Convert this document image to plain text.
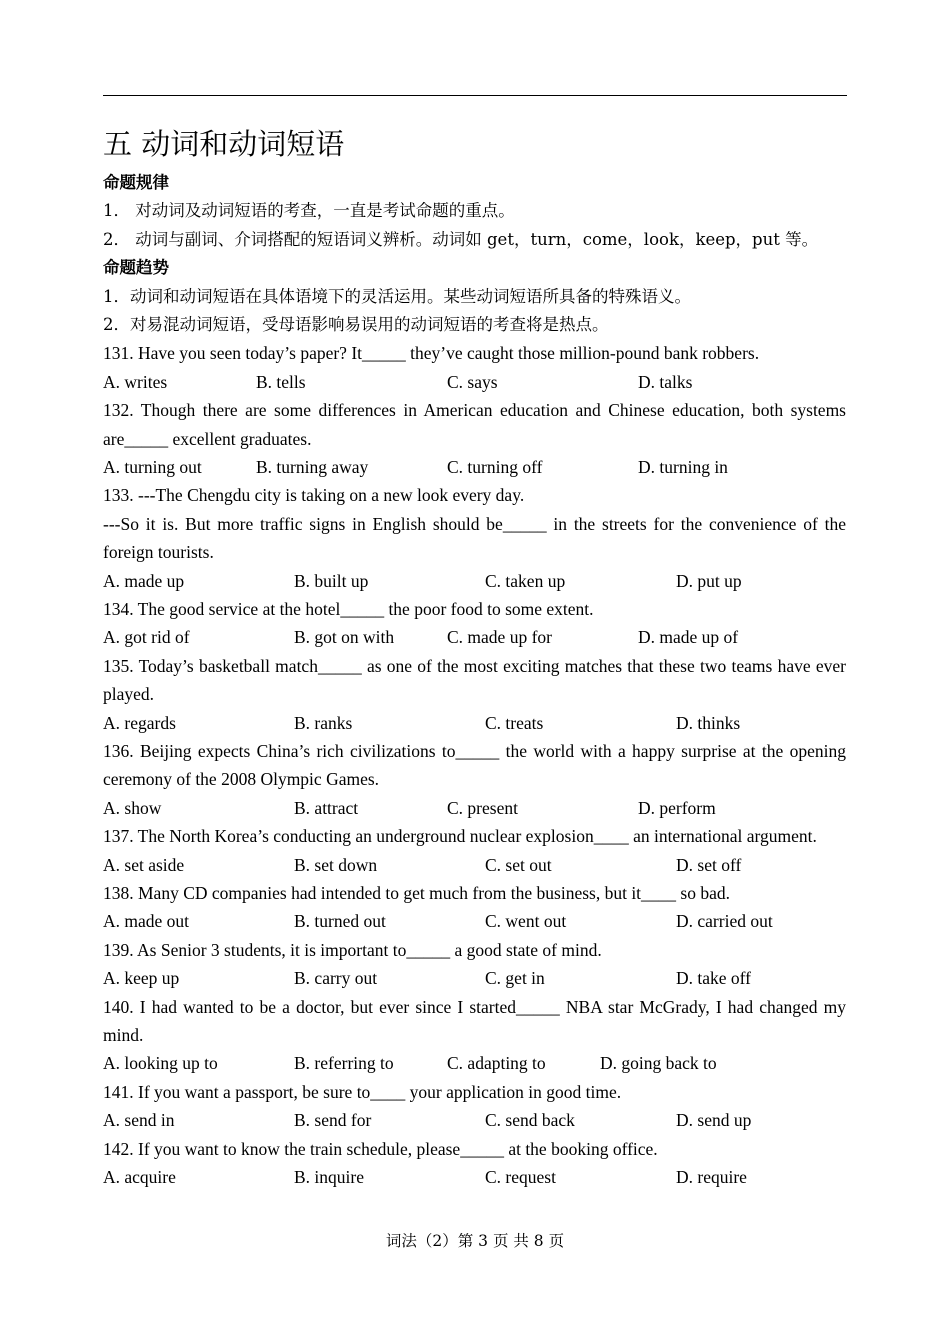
五 动词和动词短语
命题规律
1． 对动词及动词短语的考查，一直是考试命题的重点。
2． 动词与副词、介词搭配的短语词义辨析。动词如 get，turn，come，look，keep，put 等。
命题趋势
1．动词和动词短语在具体语境下的灵活运用。某些动词短语所具备的特殊语义。
2．对易混动词短语，受母语影响易误用的动词短语的考查将是热点。
131. Have you seen today’s paper? It_____ they’ve caught those million-pound bank robbers.
A. writes	B. tells	C. says	D. talks
132. Though there are some differences in American education and Chinese education, both systems are_____ excellent graduates.
A. turning out	B. turning away	C. turning off	D. turning in
133. ---The Chengdu city is taking on a new look every day.
---So it is. But more traffic signs in English should be_____ in the streets for the convenience of the foreign tourists.
A. made up	B. built up	C. taken up	D. put up
134. The good service at the hotel_____ the poor food to some extent.
A. got rid of	B. got on with	C. made up for	D. made up of
135. Today’s basketball match_____ as one of the most exciting matches that these two teams have ever played.
A. regards	B. ranks	C. treats	D. thinks
136. Beijing expects China’s rich civilizations to_____ the world with a happy surprise at the opening ceremony of the 2008 Olympic Games.
A. show	B. attract	C. present	D. perform
137. The North Korea’s conducting an underground nuclear explosion____ an international argument.
A. set aside	B. set down	C. set out	D. set off
138. Many CD companies had intended to get much from the business, but it____ so bad.
A. made out	B. turned out	C. went out	D. carried out
139. As Senior 3 students, it is important to_____ a good state of mind.
A. keep up	B. carry out	C. get in	D. take off
140. I had wanted to be a doctor, but ever since I started_____ NBA star McGrady, I had changed my mind.
A. looking up to	B. referring to	C. adapting to	D. going back to
141. If you want a passport, be sure to____ your application in good time.
A. send in	B. send for	C. send back	D. send up
142. If you want to know the train schedule, please_____ at the booking office.
A. acquire	B. inquire	C. request	D. require
词法（2）第 3 页 共 8 页
